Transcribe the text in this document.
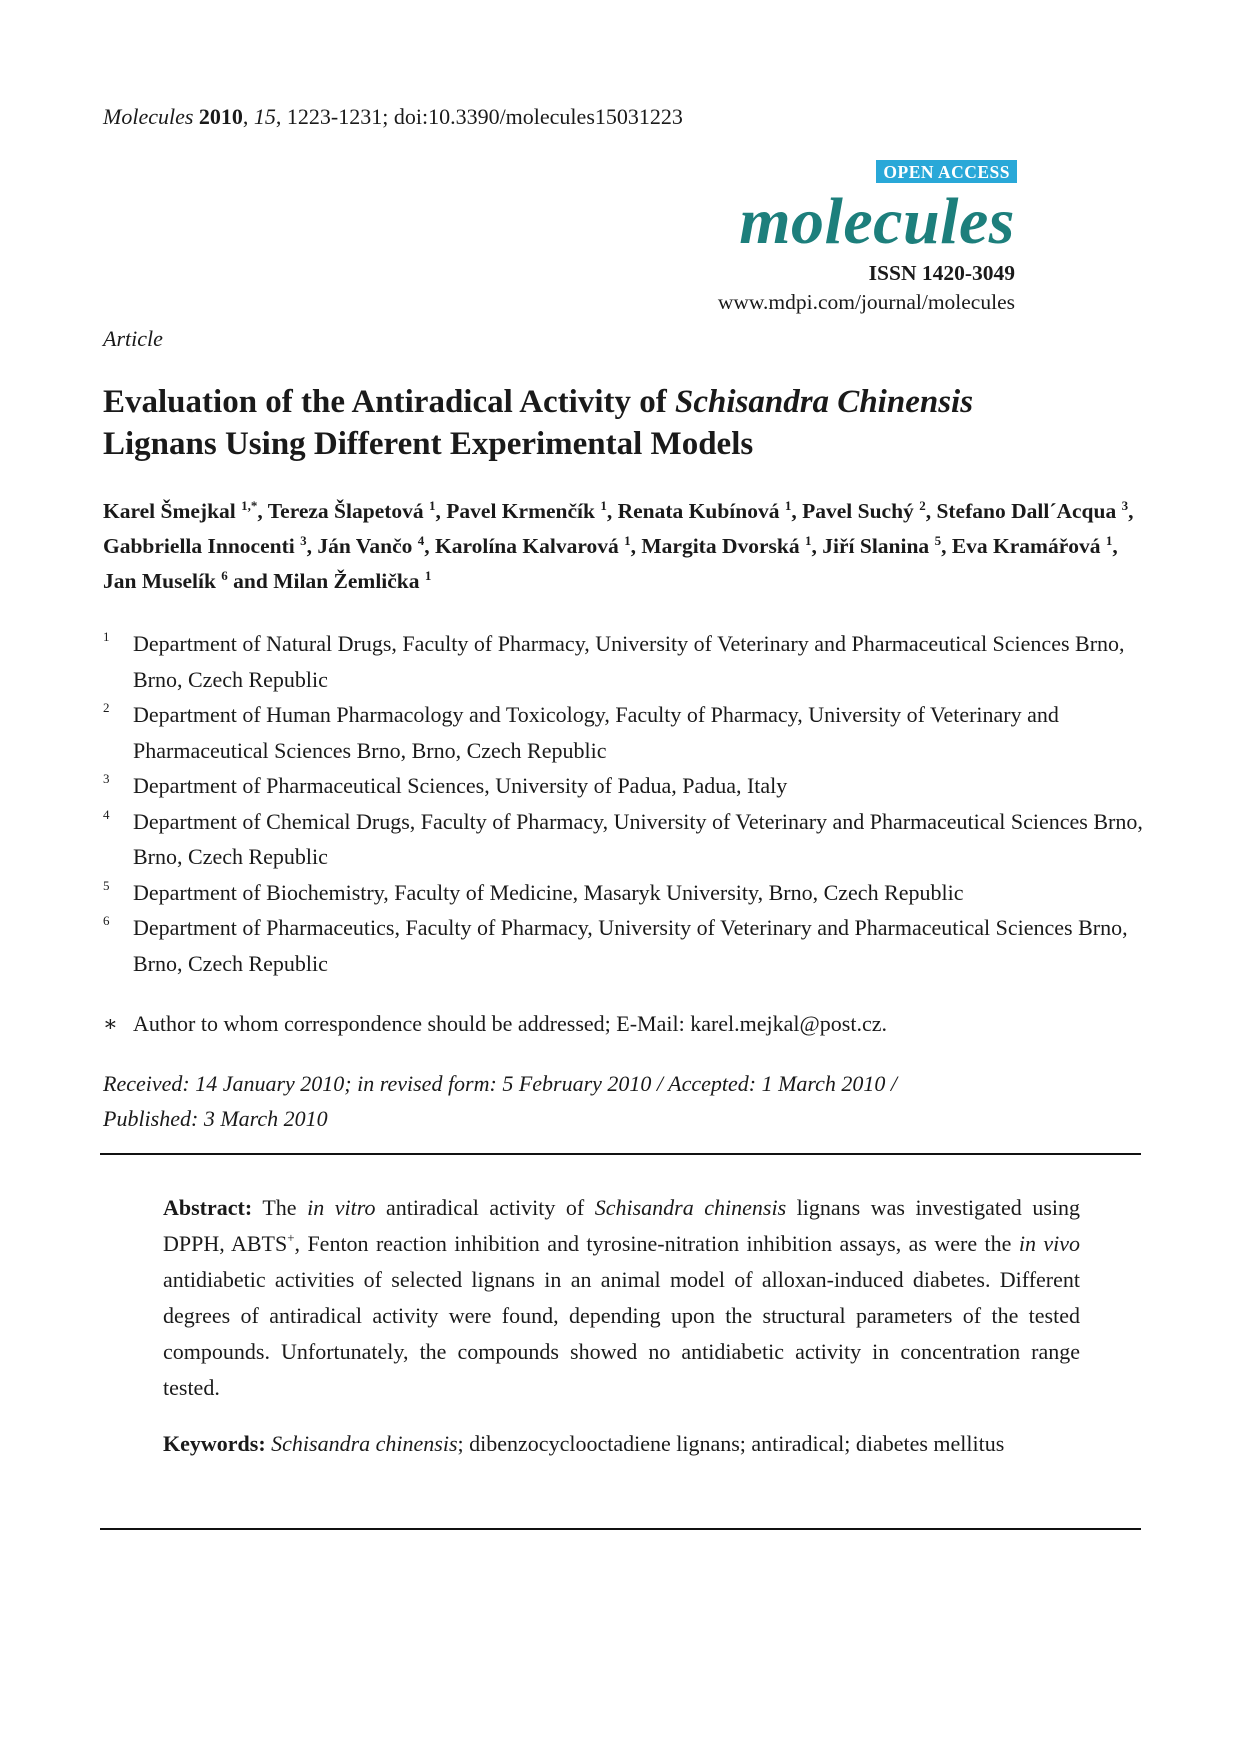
Molecules 2010, 15, 1223-1231; doi:10.3390/molecules15031223
OPEN ACCESS
molecules
ISSN 1420-3049
www.mdpi.com/journal/molecules
Article
Evaluation of the Antiradical Activity of Schisandra Chinensis
Lignans Using Different Experimental Models
Karel Šmejkal $^{1,*}$, Tereza Šlapetová $^1$, Pavel Krmenčík $^1$, Renata Kubínová $^1$, Pavel Suchý $^2$, Stefano Dall´Acqua $^3$, Gabbriella Innocenti $^3$, Ján Vančo $^4$, Karolína Kalvarová $^1$, Margita Dvorská $^1$, Jiří Slanina $^5$, Eva Kramářová $^1$, Jan Muselík $^6$ and Milan Žemlička $^1$
1 Department of Natural Drugs, Faculty of Pharmacy, University of Veterinary and Pharmaceutical Sciences Brno, Brno, Czech Republic
2 Department of Human Pharmacology and Toxicology, Faculty of Pharmacy, University of Veterinary and Pharmaceutical Sciences Brno, Brno, Czech Republic
3 Department of Pharmaceutical Sciences, University of Padua, Padua, Italy
4 Department of Chemical Drugs, Faculty of Pharmacy, University of Veterinary and Pharmaceutical Sciences Brno, Brno, Czech Republic
5 Department of Biochemistry, Faculty of Medicine, Masaryk University, Brno, Czech Republic
6 Department of Pharmaceutics, Faculty of Pharmacy, University of Veterinary and Pharmaceutical Sciences Brno, Brno, Czech Republic
∗ Author to whom correspondence should be addressed; E-Mail: karel.mejkal@post.cz.
Received: 14 January 2010; in revised form: 5 February 2010 / Accepted: 1 March 2010 /
Published: 3 March 2010
Abstract: The in vitro antiradical activity of Schisandra chinensis lignans was investigated using DPPH, ABTS+, Fenton reaction inhibition and tyrosine-nitration inhibition assays, as were the in vivo antidiabetic activities of selected lignans in an animal model of alloxan-induced diabetes. Different degrees of antiradical activity were found, depending upon the structural parameters of the tested compounds. Unfortunately, the compounds showed no antidiabetic activity in concentration range tested.
Keywords: Schisandra chinensis; dibenzocyclooctadiene lignans; antiradical; diabetes mellitus
